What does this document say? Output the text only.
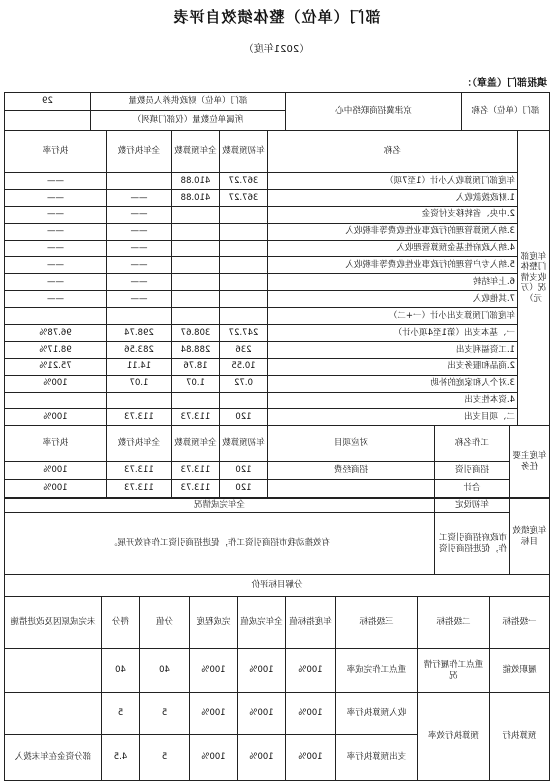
部门（单位）整体绩效自评表
（2021年度）
填报部门（盖章）：
部门（单位）名称	京津冀招商联络中心	部门（单位）财政供养人员数量	29
		所属单位数量（仅部门填列）	
年度部门整体收支情况（万元）	名称	年初预算数	全年预算数	全年执行数	执行率
	年度部门预算收入小计（1至7项）	367.27	410.88		——
	1.财政拨款收入	367.27	410.88	——	——
	2.中央、省转移支付资金			——	——
	3.纳入预算管理的行政事业性收费等非税收入			——	——
	4.纳入政府性基金预算管理收入			——	——
	5.纳入专户管理的行政事业性收费等非税收入			——	——
	6.上年结转			——	——
	7.其他收入			——	——
	年度部门预算支出小计（一+二）				
	一、基本支出（第1至4项小计）	247.27	308.67	298.74	96.78%
	1.工资福利支出	236	288.84	283.56	98.17%
	2.商品和服务支出	10.55	18.76	14.11	75.21%
	3.对个人和家庭的补助	0.72	1.07	1.07	100%
	4.资本性支出				
	二、项目支出	120	113.73	113.73	100%
年度主要任务	工作名称	对应项目	年初预算数	全年预算数	全年执行数	执行率
	招商引资	招商经费	120	113.73	113.73	100%
	合计		120	113.73	113.73	100%
年度绩效目标	年初设定	全年完成情况
	市政府招商引资工作，促进招商引资	有效推动我市招商引资工作，促进招商引资工作有效开展。
分解目标评价								
一级指标	二级指标	三级指标	年度指标值	全年完成值	完成程度	分值	得分	未完成原因及改进措施
履职效能	重点工作履行情况	重点工作完成率	100%	100%	100%	40	40	
预算执行	预算执行效率	收入预算执行率	100%	100%	100%	5	5	
		支出预算执行率	100%	100%	100%	5	4.5	部分资金在年末拨入
